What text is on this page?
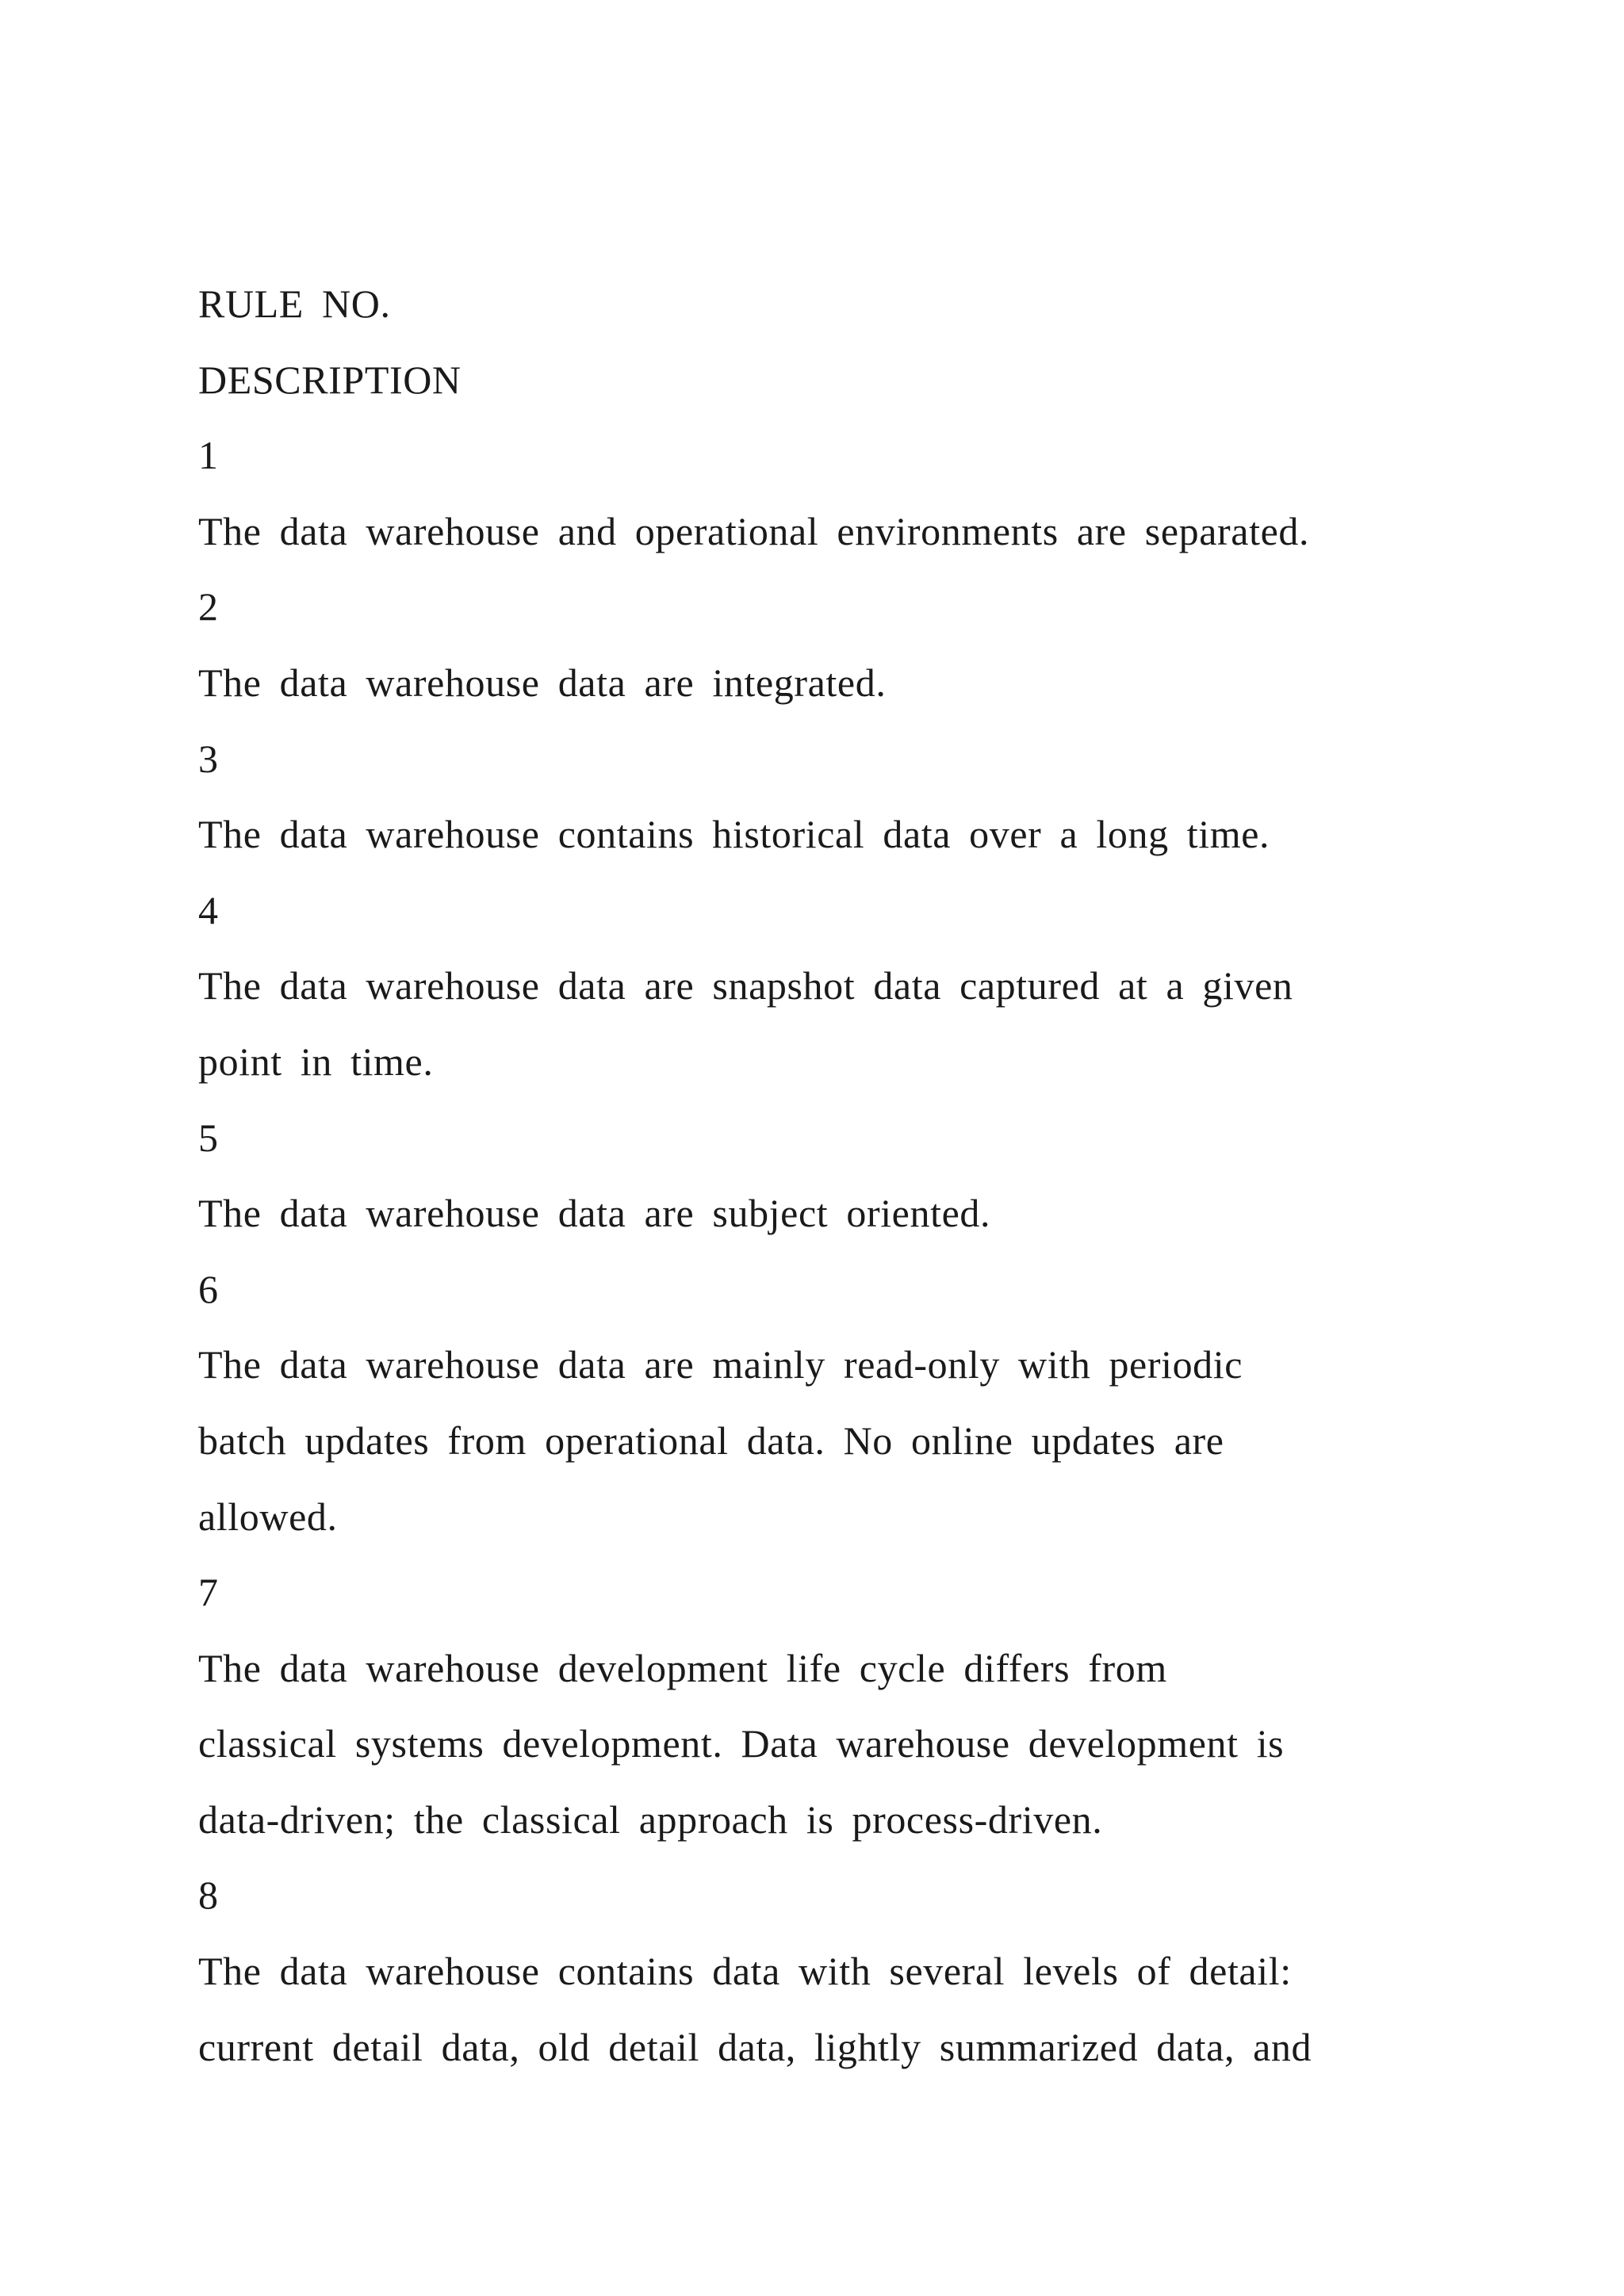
RULE NO.
DESCRIPTION
1
The data warehouse and operational environments are separated.
2
The data warehouse data are integrated.
3
The data warehouse contains historical data over a long time.
4
The data warehouse data are snapshot data captured at a given
point in time.
5
The data warehouse data are subject oriented.
6
The data warehouse data are mainly read-only with periodic
batch updates from operational data. No online updates are
allowed.
7
The data warehouse development life cycle differs from
classical systems development. Data warehouse development is
data-driven; the classical approach is process-driven.
8
The data warehouse contains data with several levels of detail:
current detail data, old detail data, lightly summarized data, and
